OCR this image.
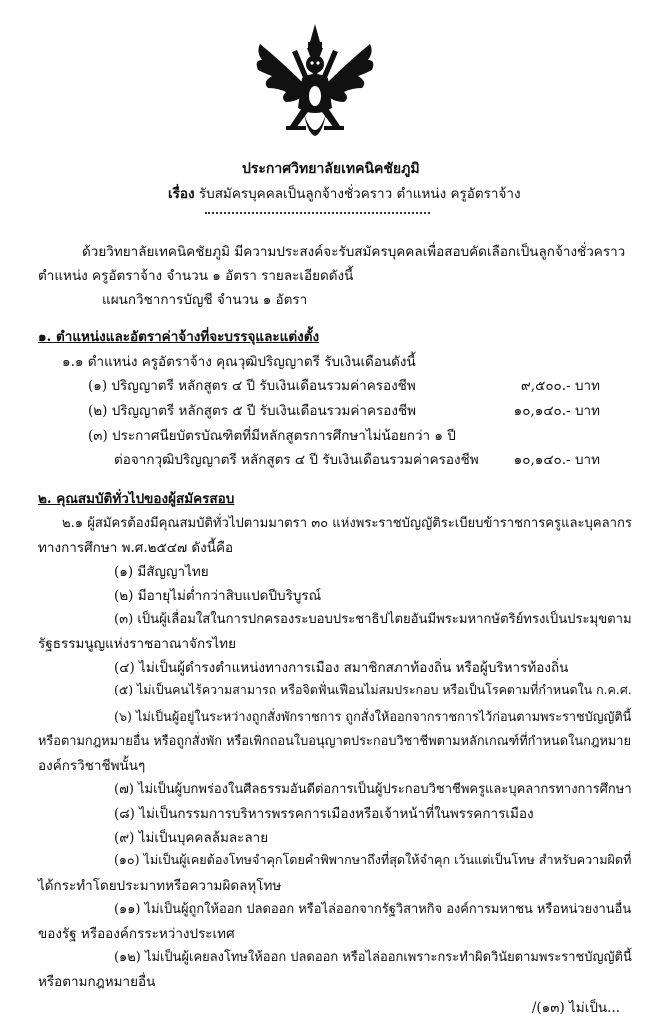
ประกาศวิทยาลัยเทคนิคชัยภูมิ
เรื่อง รับสมัครบุคคลเป็นลูกจ้างชั่วคราว ตำแหน่ง ครูอัตราจ้าง
ด้วยวิทยาลัยเทคนิคชัยภูมิ มีความประสงค์จะรับสมัครบุคคลเพื่อสอบคัดเลือกเป็นลูกจ้างชั่วคราว
ตำแหน่ง ครูอัตราจ้าง จำนวน ๑ อัตรา รายละเอียดดังนี้
แผนกวิชาการบัญชี จำนวน ๑ อัตรา
๑. ตำแหน่งและอัตราค่าจ้างที่จะบรรจุและแต่งตั้ง
๑.๑ ตำแหน่ง ครูอัตราจ้าง คุณวุฒิปริญญาตรี รับเงินเดือนดังนี้
(๑) ปริญญาตรี หลักสูตร ๔ ปี รับเงินเดือนรวมค่าครองชีพ	๙,๕๐๐.- บาท
(๒) ปริญญาตรี หลักสูตร ๕ ปี รับเงินเดือนรวมค่าครองชีพ	๑๐,๑๔๐.- บาท
(๓) ประกาศนียบัตรบัณฑิตที่มีหลักสูตรการศึกษาไม่น้อยกว่า ๑ ปี
ต่อจากวุฒิปริญญาตรี หลักสูตร ๔ ปี รับเงินเดือนรวมค่าครองชีพ	๑๐,๑๔๐.- บาท
๒. คุณสมบัติทั่วไปของผู้สมัครสอบ
๒.๑ ผู้สมัครต้องมีคุณสมบัติทั่วไปตามมาตรา ๓๐ แห่งพระราชบัญญัติระเบียบข้าราชการครูและบุคลากร
ทางการศึกษา พ.ศ.๒๕๔๗ ดังนี้คือ
(๑) มีสัญญาไทย
(๒) มีอายุไม่ต่ำกว่าสิบแปดปีบริบูรณ์
(๓) เป็นผู้เลื่อมใสในการปกครองระบอบประชาธิปไตยอันมีพระมหากษัตริย์ทรงเป็นประมุขตาม
รัฐธรรมนูญแห่งราชอาณาจักรไทย
(๔) ไม่เป็นผู้ดำรงตำแหน่งทางการเมือง สมาชิกสภาท้องถิ่น หรือผู้บริหารท้องถิ่น
(๕) ไม่เป็นคนไร้ความสามารถ หรือจิตฟั่นเฟือนไม่สมประกอบ หรือเป็นโรคตามที่กำหนดใน ก.ค.ศ.
(๖) ไม่เป็นผู้อยู่ในระหว่างถูกสั่งพักราชการ ถูกสั่งให้ออกจากราชการไว้ก่อนตามพระราชบัญญัตินี้
หรือตามกฎหมายอื่น หรือถูกสั่งพัก หรือเพิกถอนใบอนุญาตประกอบวิชาชีพตามหลักเกณฑ์ที่กำหนดในกฎหมาย
องค์กรวิชาชีพนั้นๆ
(๗) ไม่เป็นผู้บกพร่องในศีลธรรมอันดีต่อการเป็นผู้ประกอบวิชาชีพครูและบุคลากรทางการศึกษา
(๘) ไม่เป็นกรรมการบริหารพรรคการเมืองหรือเจ้าหน้าที่ในพรรคการเมือง
(๙) ไม่เป็นบุคคลล้มละลาย
(๑๐) ไม่เป็นผู้เคยต้องโทษจำคุกโดยคำพิพากษาถึงที่สุดให้จำคุก เว้นแต่เป็นโทษ สำหรับความผิดที่
ได้กระทำโดยประมาทหรือความผิดลหุโทษ
(๑๑) ไม่เป็นผู้ถูกให้ออก ปลดออก หรือไล่ออกจากรัฐวิสาหกิจ องค์การมหาชน หรือหน่วยงานอื่น
ของรัฐ หรือองค์กรระหว่างประเทศ
(๑๒) ไม่เป็นผู้เคยลงโทษให้ออก ปลดออก หรือไล่ออกเพราะกระทำผิดวินัยตามพระราชบัญญัตินี้
หรือตามกฎหมายอื่น
/(๑๓) ไม่เป็น...
